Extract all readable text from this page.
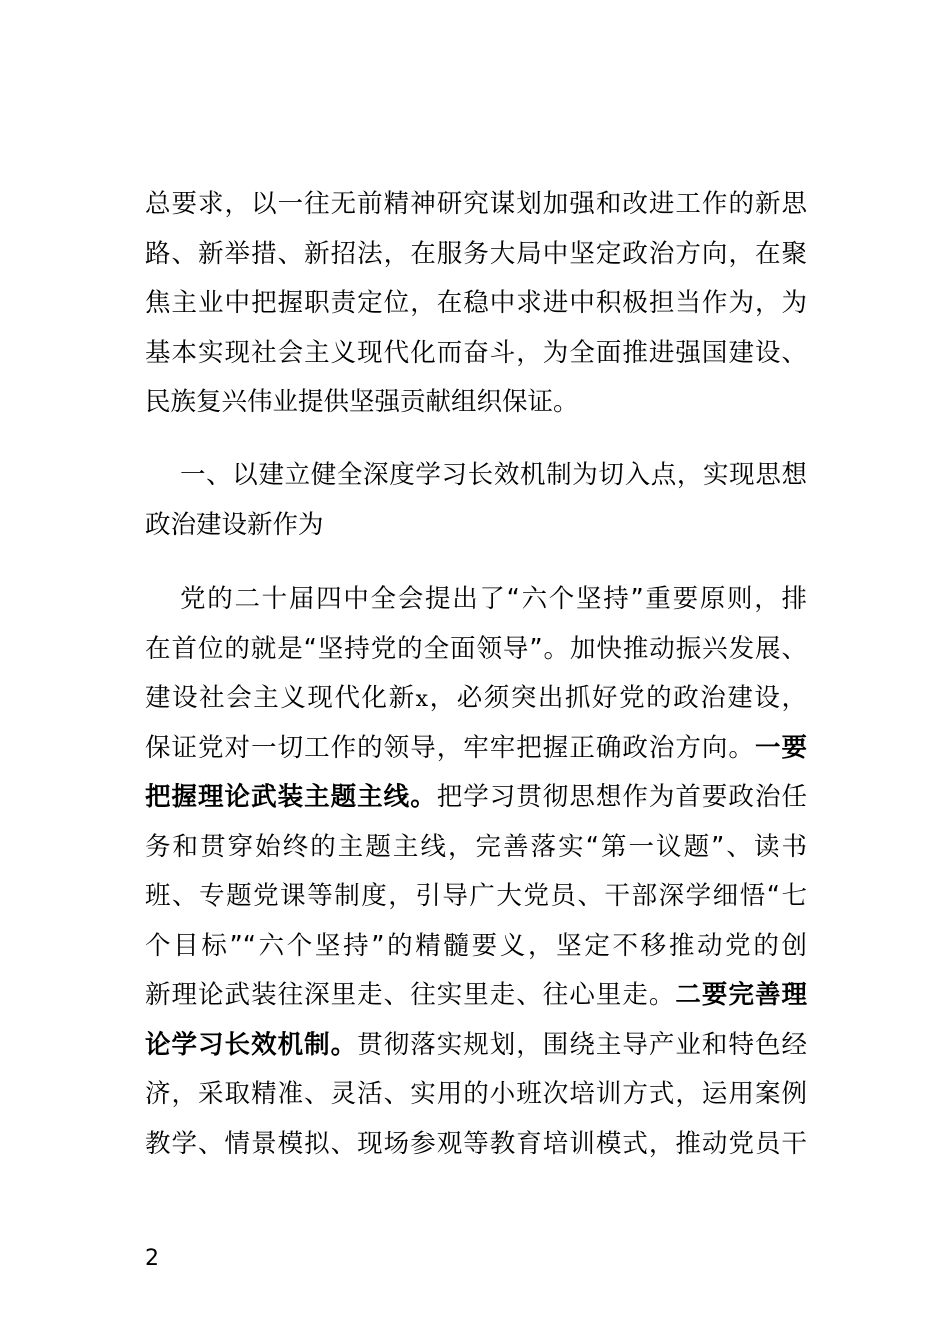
总要求，以一往无前精神研究谋划加强和改进工作的新思
路、新举措、新招法，在服务大局中坚定政治方向，在聚
焦主业中把握职责定位，在稳中求进中积极担当作为，为
基本实现社会主义现代化而奋斗，为全面推进强国建设、
民族复兴伟业提供坚强贡献组织保证。
一、以建立健全深度学习长效机制为切入点，实现思想
政治建设新作为
党的二十届四中全会提出了“六个坚持”重要原则，排
在首位的就是“坚持党的全面领导”。加快推动振兴发展、
建设社会主义现代化新x，必须突出抓好党的政治建设，
保证党对一切工作的领导，牢牢把握正确政治方向。一要
把握理论武装主题主线。把学习贯彻思想作为首要政治任
务和贯穿始终的主题主线，完善落实“第一议题”、读书
班、专题党课等制度，引导广大党员、干部深学细悟“七
个目标”“六个坚持”的精髓要义，坚定不移推动党的创
新理论武装往深里走、往实里走、往心里走。二要完善理
论学习长效机制。贯彻落实规划，围绕主导产业和特色经
济，采取精准、灵活、实用的小班次培训方式，运用案例
教学、情景模拟、现场参观等教育培训模式，推动党员干
2
